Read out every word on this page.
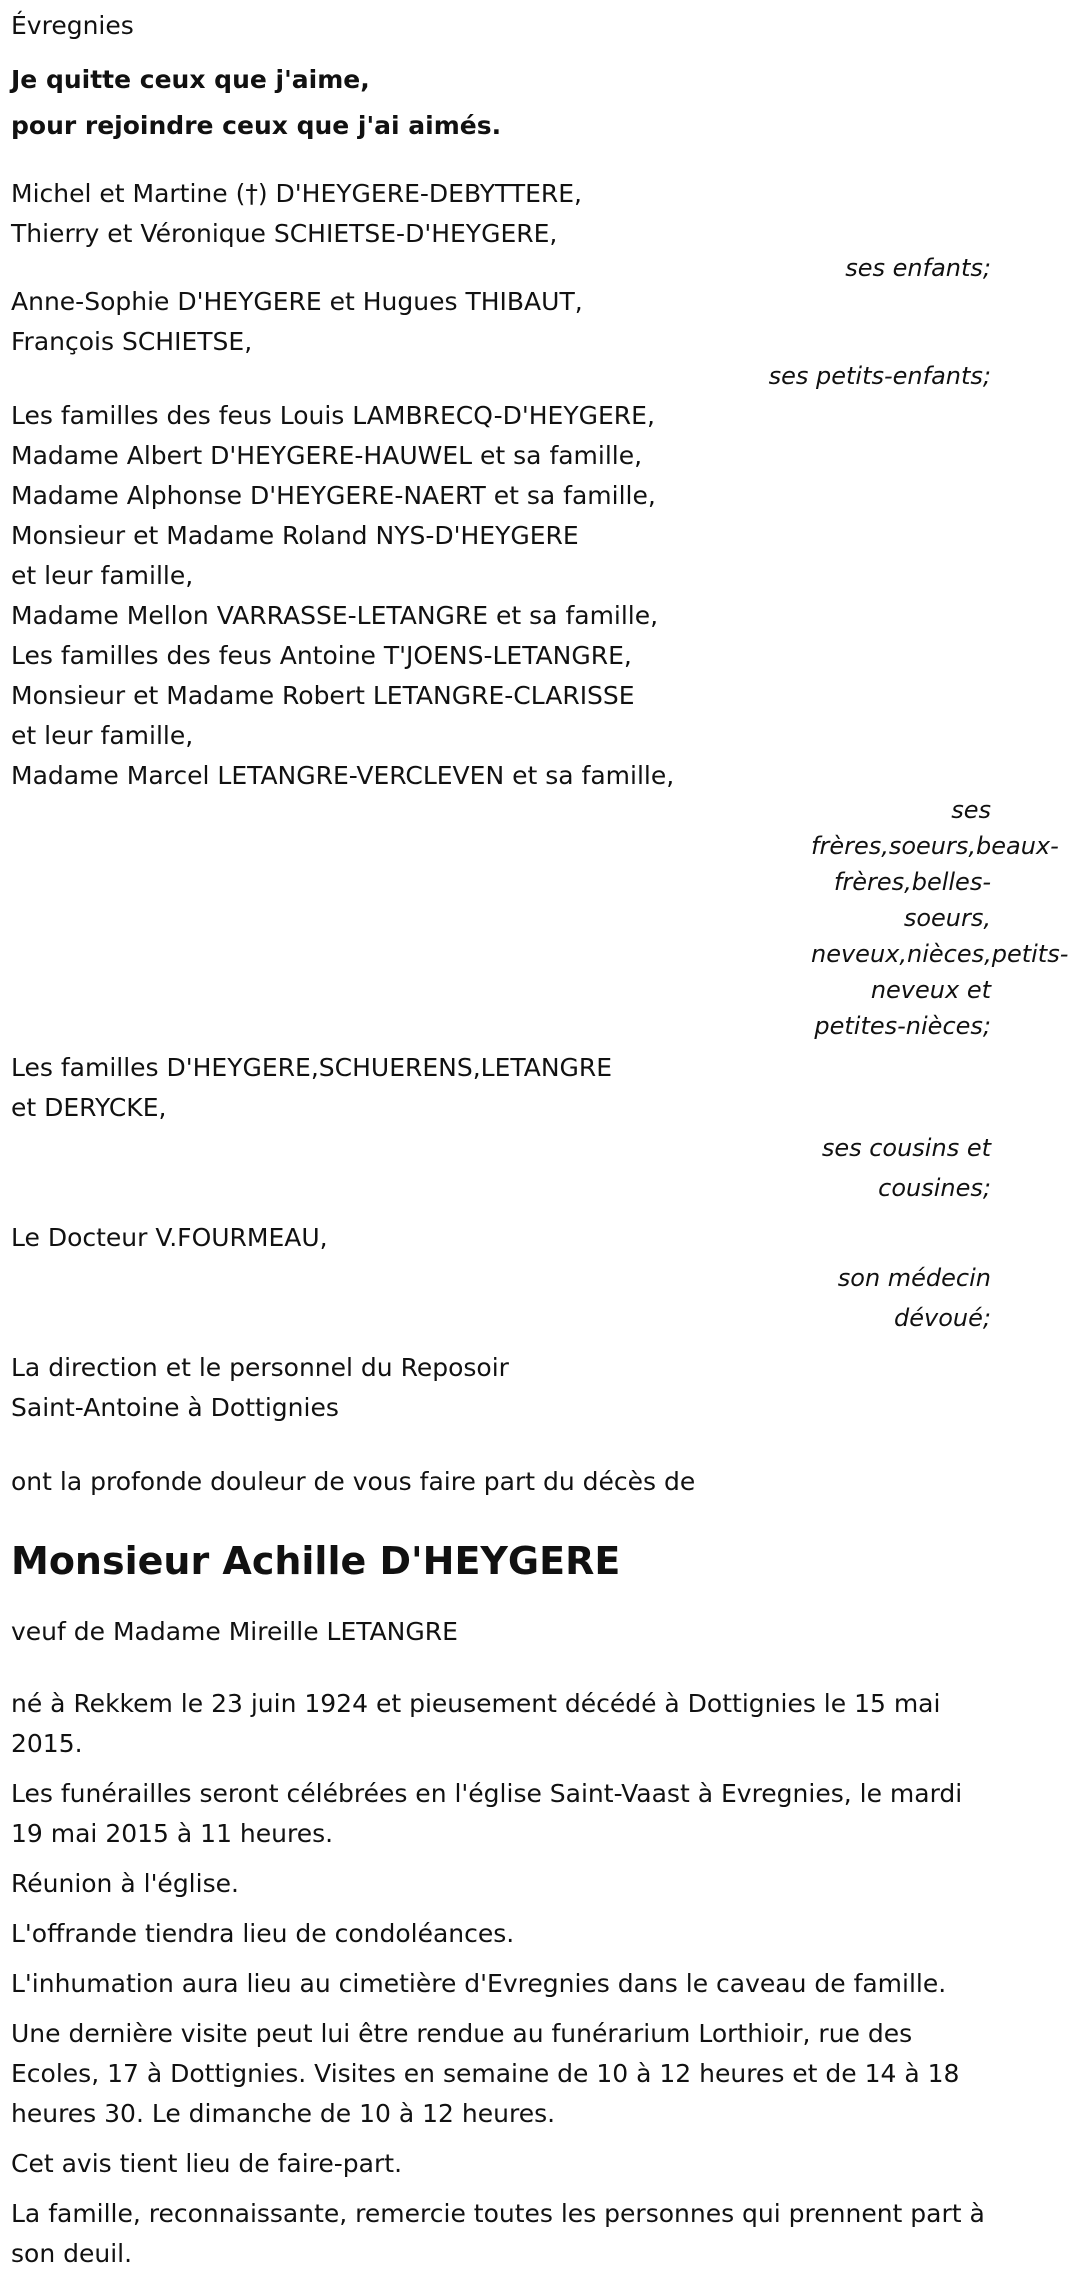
Évregnies
Je quitte ceux que j'aime,
pour rejoindre ceux que j'ai aimés.
Michel et Martine (†) D'HEYGERE-DEBYTTERE,
Thierry et Véronique SCHIETSE-D'HEYGERE,
ses enfants;
Anne-Sophie D'HEYGERE et Hugues THIBAUT,
François SCHIETSE,
ses petits-enfants;
Les familles des feus Louis LAMBRECQ-D'HEYGERE,
Madame Albert D'HEYGERE-HAUWEL et sa famille,
Madame Alphonse D'HEYGERE-NAERT et sa famille,
Monsieur et Madame Roland NYS-D'HEYGERE
et leur famille,
Madame Mellon VARRASSE-LETANGRE et sa famille,
Les familles des feus Antoine T'JOENS-LETANGRE,
Monsieur et Madame Robert LETANGRE-CLARISSE
et leur famille,
Madame Marcel LETANGRE-VERCLEVEN et sa famille,
ses frères,soeurs,beaux-frères,belles-soeurs, neveux,nièces,petits-neveux et petites-nièces;
Les familles D'HEYGERE,SCHUERENS,LETANGRE
et DERYCKE,
ses cousins et cousines;
Le Docteur V.FOURMEAU,
son médecin dévoué;
La direction et le personnel du Reposoir
Saint-Antoine à Dottignies
ont la profonde douleur de vous faire part du décès de
Monsieur Achille D'HEYGERE
veuf de Madame Mireille LETANGRE
né à Rekkem le 23 juin 1924 et pieusement décédé à Dottignies le 15 mai 2015.
Les funérailles seront célébrées en l'église Saint-Vaast à Evregnies, le mardi 19 mai 2015 à 11 heures.
Réunion à l'église.
L'offrande tiendra lieu de condoléances.
L'inhumation aura lieu au cimetière d'Evregnies dans le caveau de famille.
Une dernière visite peut lui être rendue au funérarium Lorthioir, rue des Ecoles, 17 à Dottignies. Visites en semaine de 10 à 12 heures et de 14 à 18 heures 30. Le dimanche de 10 à 12 heures.
Cet avis tient lieu de faire-part.
La famille, reconnaissante, remercie toutes les personnes qui prennent part à son deuil.
